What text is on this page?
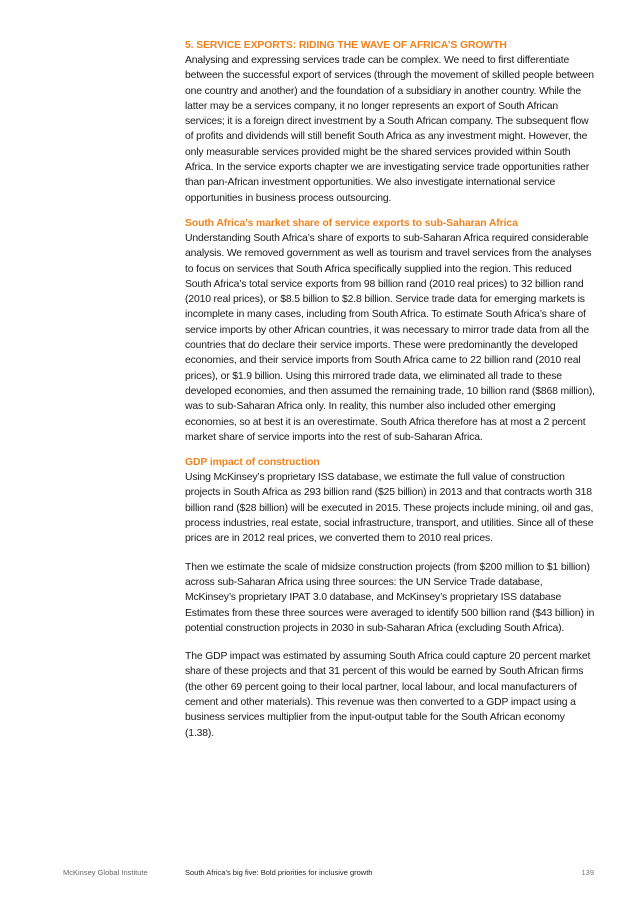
5. SERVICE EXPORTS: RIDING THE WAVE OF AFRICA’S GROWTH

Analysing and expressing services trade can be complex. We need to first differentiate between the successful export of services (through the movement of skilled people between one country and another) and the foundation of a subsidiary in another country. While the latter may be a services company, it no longer represents an export of South African services; it is a foreign direct investment by a South African company. The subsequent flow of profits and dividends will still benefit South Africa as any investment might. However, the only measurable services provided might be the shared services provided within South Africa. In the service exports chapter we are investigating service trade opportunities rather than pan-African investment opportunities. We also investigate international service opportunities in business process outsourcing.

South Africa’s market share of service exports to sub-Saharan Africa

Understanding South Africa’s share of exports to sub-Saharan Africa required considerable analysis. We removed government as well as tourism and travel services from the analyses to focus on services that South Africa specifically supplied into the region. This reduced South Africa’s total service exports from 98 billion rand (2010 real prices) to 32 billion rand (2010 real prices), or $8.5 billion to $2.8 billion. Service trade data for emerging markets is incomplete in many cases, including from South Africa. To estimate South Africa’s share of service imports by other African countries, it was necessary to mirror trade data from all the countries that do declare their service imports. These were predominantly the developed economies, and their service imports from South Africa came to 22 billion rand (2010 real prices), or $1.9 billion. Using this mirrored trade data, we eliminated all trade to these developed economies, and then assumed the remaining trade, 10 billion rand ($868 million), was to sub-Saharan Africa only. In reality, this number also included other emerging economies, so at best it is an overestimate. South Africa therefore has at most a 2 percent market share of service imports into the rest of sub-Saharan Africa.

GDP impact of construction

Using McKinsey’s proprietary ISS database, we estimate the full value of construction projects in South Africa as 293 billion rand ($25 billion) in 2013 and that contracts worth 318 billion rand ($28 billion) will be executed in 2015. These projects include mining, oil and gas, process industries, real estate, social infrastructure, transport, and utilities. Since all of these prices are in 2012 real prices, we converted them to 2010 real prices.

Then we estimate the scale of midsize construction projects (from $200 million to $1 billion) across sub-Saharan Africa using three sources: the UN Service Trade database, McKinsey’s proprietary IPAT 3.0 database, and McKinsey’s proprietary ISS database Estimates from these three sources were averaged to identify 500 billion rand ($43 billion) in potential construction projects in 2030 in sub-Saharan Africa (excluding South Africa).

The GDP impact was estimated by assuming South Africa could capture 20 percent market share of these projects and that 31 percent of this would be earned by South African firms (the other 69 percent going to their local partner, local labour, and local manufacturers of cement and other materials). This revenue was then converted to a GDP impact using a business services multiplier from the input-output table for the South African economy (1.38).

McKinsey Global Institute	South Africa’s big five: Bold priorities for inclusive growth	139
